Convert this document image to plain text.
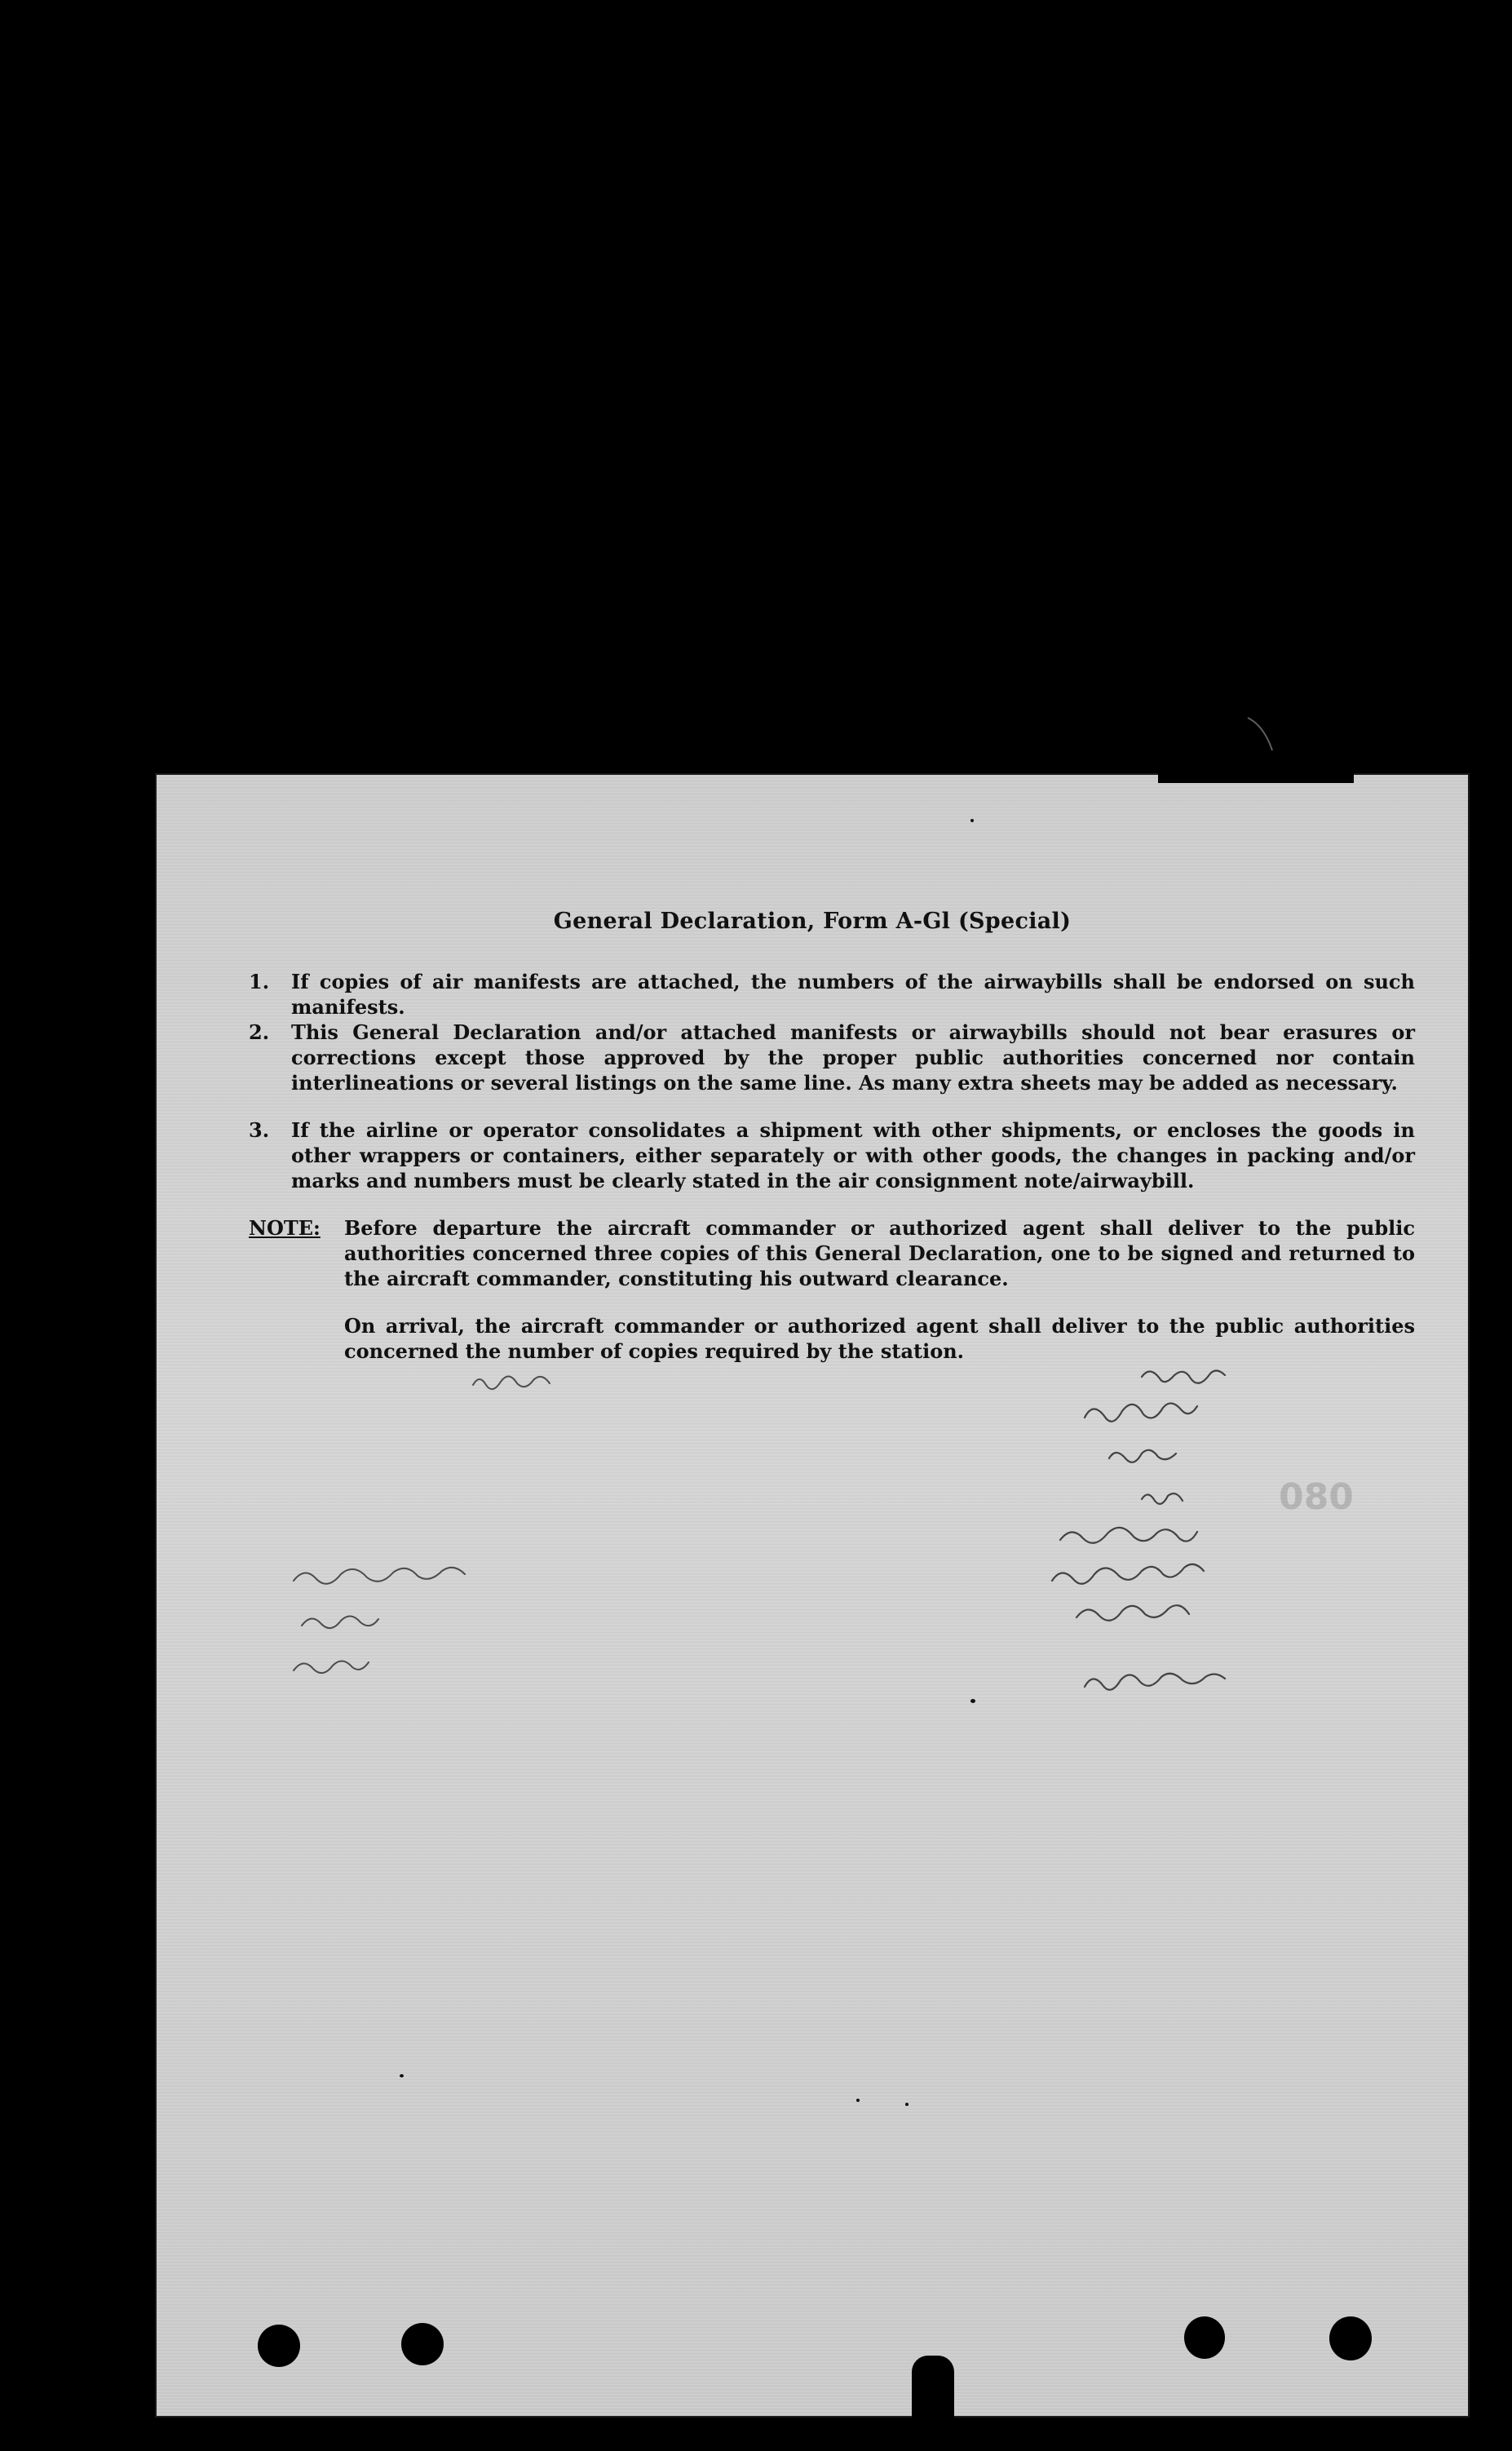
General Declaration, Form A-Gl (Special)
1. If copies of air manifests are attached, the numbers of the airwaybills shall be endorsed on such manifests.
2. This General Declaration and/or attached manifests or airwaybills should not bear erasures or corrections except those approved by the proper public authorities concerned nor contain interlineations or several listings on the same line. As many extra sheets may be added as necessary.
3. If the airline or operator consolidates a shipment with other shipments, or encloses the goods in other wrappers or containers, either separately or with other goods, the changes in packing and/or marks and numbers must be clearly stated in the air consignment note/airwaybill.
NOTE: Before departure the aircraft commander or authorized agent shall deliver to the public authorities concerned three copies of this General Declaration, one to be signed and returned to the aircraft commander, constituting his outward clearance.
On arrival, the aircraft commander or authorized agent shall deliver to the public authorities concerned the number of copies required by the station.
080
